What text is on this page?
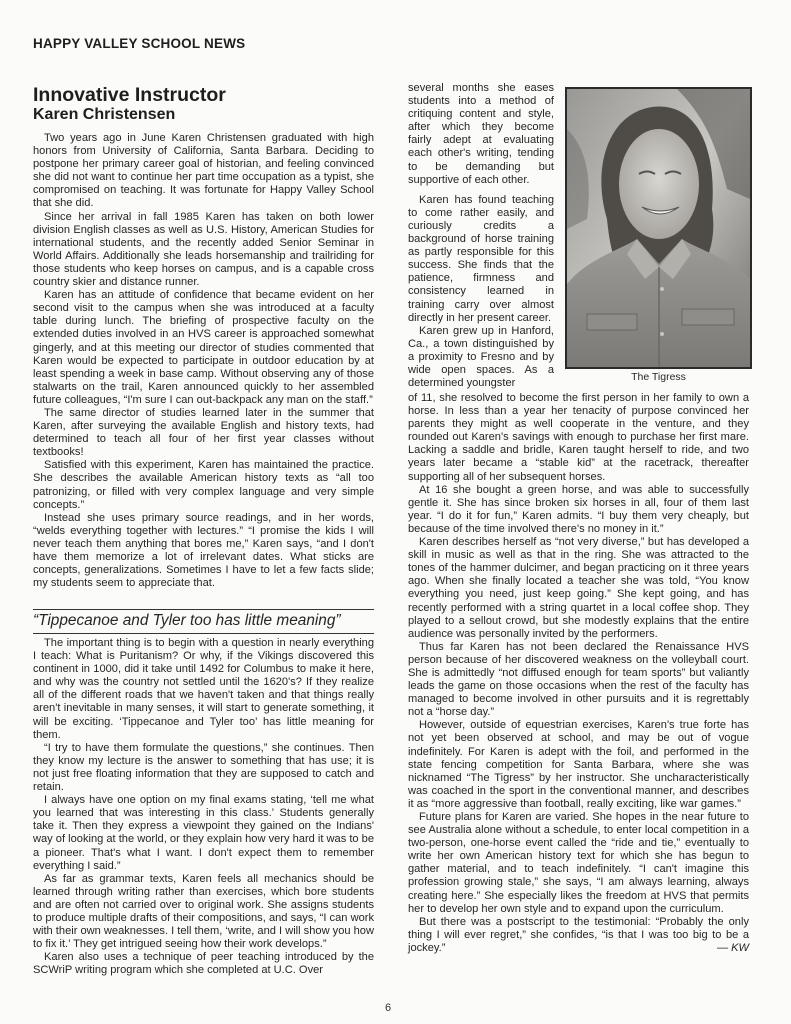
HAPPY VALLEY SCHOOL NEWS
Innovative Instructor
Karen Christensen

Two years ago in June Karen Christensen graduated with high honors from University of California, Santa Barbara. Deciding to postpone her primary career goal of historian, and feeling convinced she did not want to continue her part time occupation as a typist, she compromised on teaching. It was fortunate for Happy Valley School that she did.

Since her arrival in fall 1985 Karen has taken on both lower division English classes as well as U.S. History, American Studies for international students, and the recently added Senior Seminar in World Affairs. Additionally she leads horsemanship and trailriding for those students who keep horses on campus, and is a capable cross country skier and distance runner.

Karen has an attitude of confidence that became evident on her second visit to the campus when she was introduced at a faculty table during lunch. The briefing of prospective faculty on the extended duties involved in an HVS career is approached somewhat gingerly, and at this meeting our director of studies commented that Karen would be expected to participate in outdoor education by at least spending a week in base camp. Without observing any of those stalwarts on the trail, Karen announced quickly to her assembled future colleagues, “I'm sure I can out-backpack any man on the staff.”

The same director of studies learned later in the summer that Karen, after surveying the available English and history texts, had determined to teach all four of her first year classes without textbooks!

Satisfied with this experiment, Karen has maintained the practice. She describes the available American history texts as “all too patronizing, or filled with very complex language and very simple concepts.”

Instead she uses primary source readings, and in her words, “welds everything together with lectures.” “I promise the kids I will never teach them anything that bores me,” Karen says, “and I don't have them memorize a lot of irrelevant dates. What sticks are concepts, generalizations. Sometimes I have to let a few facts slide; my students seem to appreciate that.

“Tippecanoe and Tyler too has little meaning”

The important thing is to begin with a question in nearly everything I teach: What is Puritanism? Or why, if the Vikings discovered this continent in 1000, did it take until 1492 for Columbus to make it here, and why was the country not settled until the 1620's? If they realize all of the different roads that we haven't taken and that things really aren't inevitable in many senses, it will start to generate something, it will be exciting. ‘Tippecanoe and Tyler too’ has little meaning for them.

“I try to have them formulate the questions,” she continues. Then they know my lecture is the answer to something that has use; it is not just free floating information that they are supposed to catch and retain.

I always have one option on my final exams stating, ‘tell me what you learned that was interesting in this class.’ Students generally take it. Then they express a viewpoint they gained on the Indians' way of looking at the world, or they explain how very hard it was to be a pioneer. That's what I want. I don't expect them to remember everything I said.”

As far as grammar texts, Karen feels all mechanics should be learned through writing rather than exercises, which bore students and are often not carried over to original work. She assigns students to produce multiple drafts of their compositions, and says, “I can work with their own weaknesses. I tell them, ‘write, and I will show you how to fix it.’ They get intrigued seeing how their work develops.”

Karen also uses a technique of peer teaching introduced by the SCWriP writing program which she completed at U.C. Over

several months she eases students into a method of critiquing content and style, after which they become fairly adept at evaluating each other's writing, tending to be demanding but supportive of each other.

Karen has found teaching to come rather easily, and curiously credits a background of horse training as partly responsible for this success. She finds that the patience, firmness and consistency learned in training carry over almost directly in her present career.

Karen grew up in Hanford, Ca., a town distinguished by a proximity to Fresno and by wide open spaces. As a determined youngster

The Tigress

of 11, she resolved to become the first person in her family to own a horse. In less than a year her tenacity of purpose convinced her parents they might as well cooperate in the venture, and they rounded out Karen's savings with enough to purchase her first mare. Lacking a saddle and bridle, Karen taught herself to ride, and two years later became a “stable kid” at the racetrack, thereafter supporting all of her subsequent horses.

At 16 she bought a green horse, and was able to successfully gentle it. She has since broken six horses in all, four of them last year. “I do it for fun,” Karen admits. “I buy them very cheaply, but because of the time involved there's no money in it.”

Karen describes herself as “not very diverse,” but has developed a skill in music as well as that in the ring. She was attracted to the tones of the hammer dulcimer, and began practicing on it three years ago. When she finally located a teacher she was told, “You know everything you need, just keep going.” She kept going, and has recently performed with a string quartet in a local coffee shop. They played to a sellout crowd, but she modestly explains that the entire audience was personally invited by the performers.

Thus far Karen has not been declared the Renaissance HVS person because of her discovered weakness on the volleyball court. She is admittedly “not diffused enough for team sports” but valiantly leads the game on those occasions when the rest of the faculty has managed to become involved in other pursuits and it is regrettably not a “horse day.”

However, outside of equestrian exercises, Karen's true forte has not yet been observed at school, and may be out of vogue indefinitely. For Karen is adept with the foil, and performed in the state fencing competition for Santa Barbara, where she was nicknamed “The Tigress” by her instructor. She uncharacteristically was coached in the sport in the conventional manner, and describes it as “more aggressive than football, really exciting, like war games.”

Future plans for Karen are varied. She hopes in the near future to see Australia alone without a schedule, to enter local competition in a two-person, one-horse event called the “ride and tie,” eventually to write her own American history text for which she has begun to gather material, and to teach indefinitely. “I can't imagine this profession growing stale,” she says, “I am always learning, always creating here.” She especially likes the freedom at HVS that permits her to develop her own style and to expand upon the curriculum.

But there was a postscript to the testimonial: “Probably the only thing I will ever regret,” she confides, “is that I was too big to be a jockey.”	— KW
6
